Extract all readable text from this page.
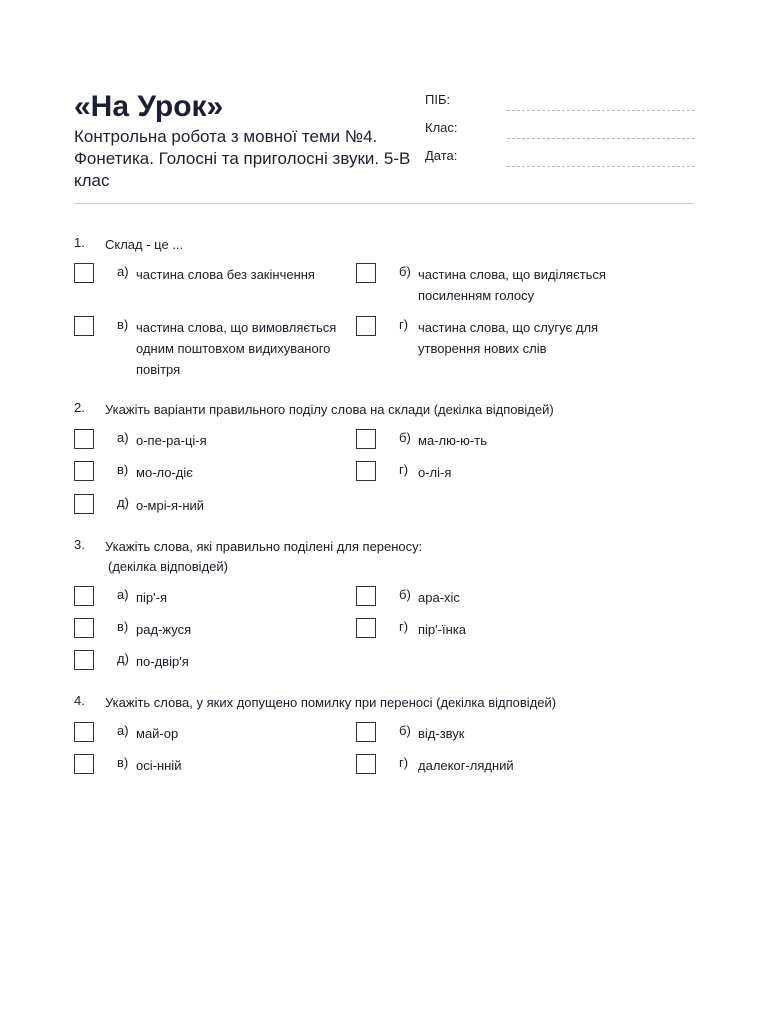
«На Урок»
Контрольна робота з мовної теми №4. Фонетика. Голосні та приголосні звуки. 5-В клас
ПІБ:
Клас:
Дата:
1. Склад - це ...
а) частина слова без закінчення	б) частина слова, що виділяється посиленням голосу
в) частина слова, що вимовляється одним поштовхом видихуваного повітря
г) частина слова, що слугує для утворення нових слів
2. Укажіть варіанти правильного поділу слова на склади (декілка відповідей)
а) о-пе-ра-ці-я	б) ма-лю-ю-ть
в) мо-ло-діє	г) о-лі-я
д) о-мрі-я-ний
3. Укажіть слова, які правильно поділені для переносу:
(декілка відповідей)
а) пір'-я	б) ара-хіс
в) рад-жуся	г) пір'-їнка
д) по-двір'я
4. Укажіть слова, у яких допущено помилку при переносі (декілка відповідей)
а) май-ор	б) від-звук
в) осі-нній	г) далеког-лядний
